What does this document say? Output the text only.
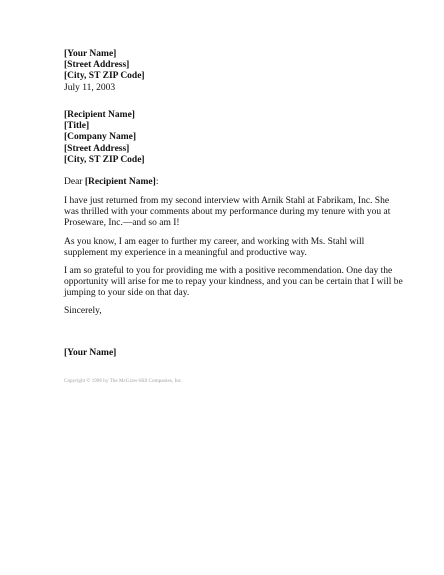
[Your Name]
[Street Address]
[City, ST ZIP Code]
July 11, 2003
[Recipient Name]
[Title]
[Company Name]
[Street Address]
[City, ST ZIP Code]
Dear [Recipient Name]:
I have just returned from my second interview with Arnik Stahl at Fabrikam, Inc. She was thrilled with your comments about my performance during my tenure with you at Proseware, Inc.—and so am I!
As you know, I am eager to further my career, and working with Ms. Stahl will supplement my experience in a meaningful and productive way.
I am so grateful to you for providing me with a positive recommendation. One day the opportunity will arise for me to repay your kindness, and you can be certain that I will be jumping to your side on that day.
Sincerely,
[Your Name]
Copyright © 1996 by The McGraw-Hill Companies, Inc.
